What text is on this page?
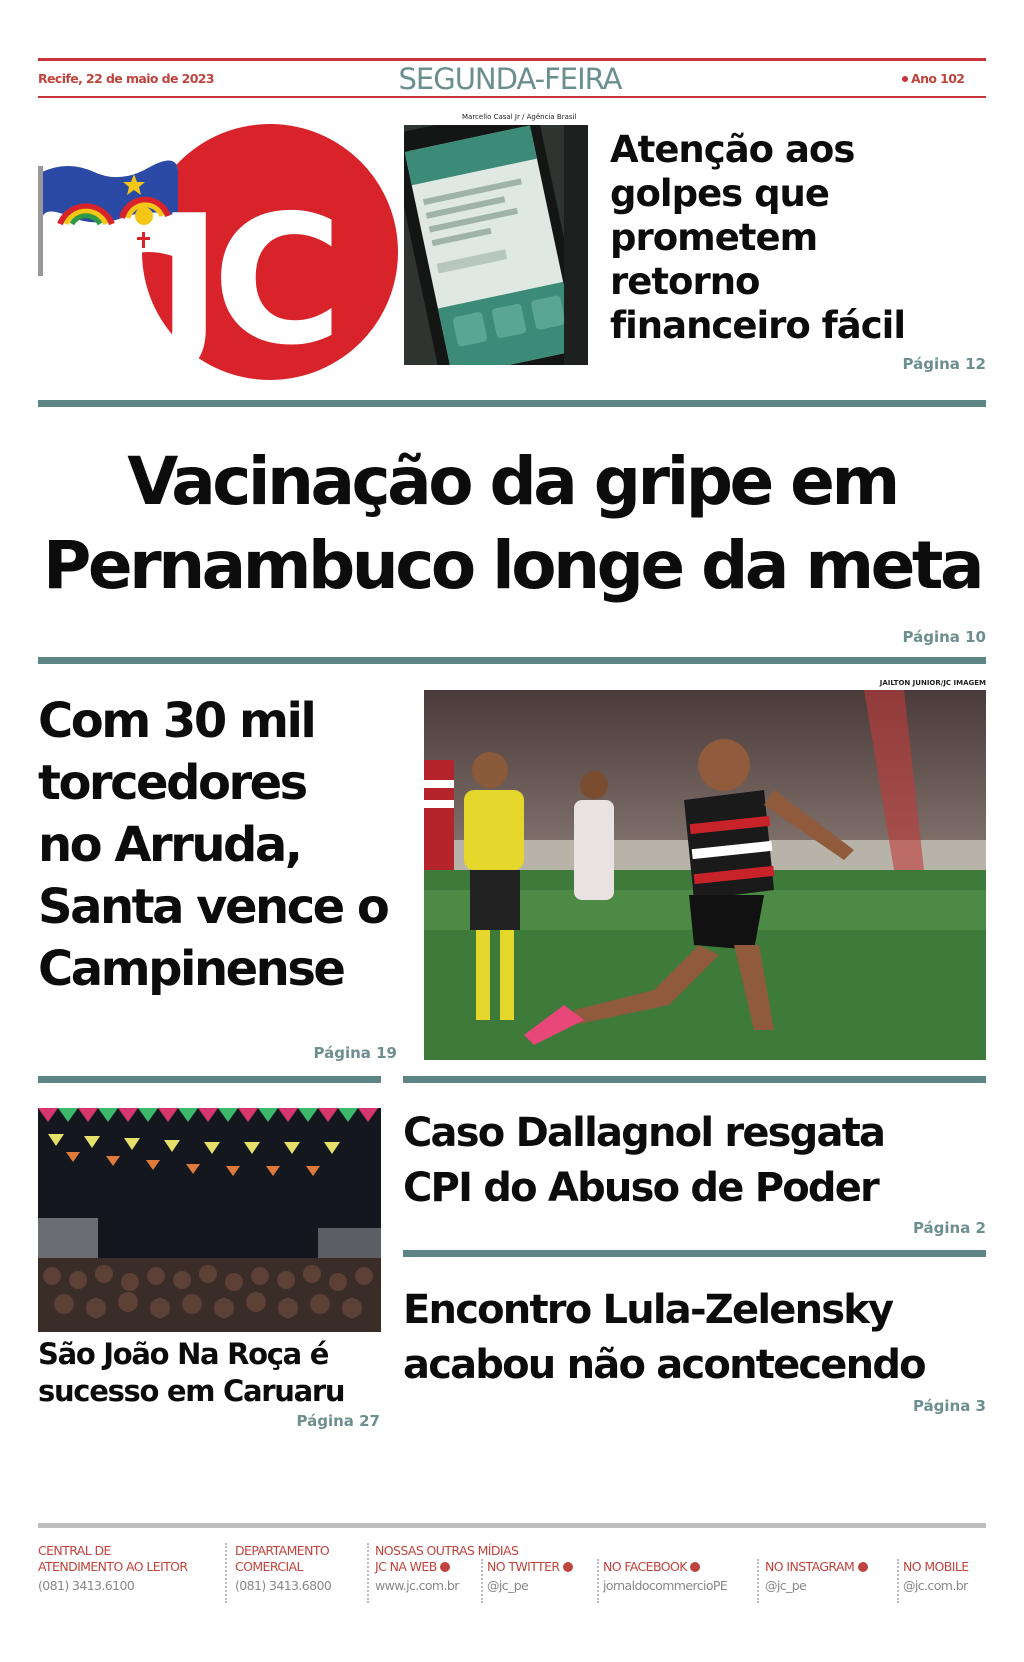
Recife, 22 de maio de 2023	SEGUNDA-FEIRA	Ano 102
JC
Marcello Casal Jr / Agência Brasil
Atenção aos
golpes que
prometem
retorno
financeiro fácil
Página 12
Vacinação da gripe em
Pernambuco longe da meta
Página 10
Com 30 mil
torcedores
no Arruda,
Santa vence o
Campinense
Página 19
JAILTON JUNIOR/JC IMAGEM
São João Na Roça é
sucesso em Caruaru
Página 27
Caso Dallagnol resgata
CPI do Abuso de Poder
Página 2
Encontro Lula-Zelensky
acabou não acontecendo
Página 3
CENTRAL DE
ATENDIMENTO AO LEITOR
(081) 3413.6100
DEPARTAMENTO
COMERCIAL
(081) 3413.6800
NOSSAS OUTRAS MÍDIAS
JC NA WEB
www.jc.com.br
NO TWITTER
@jc_pe
NO FACEBOOK
jornaldocommercioPE
NO INSTAGRAM
@jc_pe
NO MOBILE
@jc.com.br
